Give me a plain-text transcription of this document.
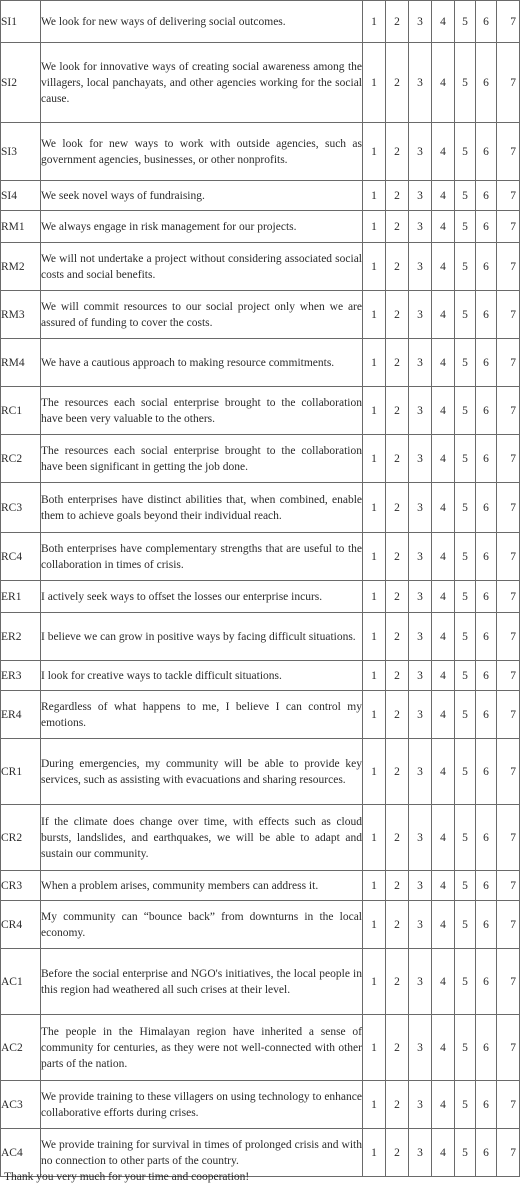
SI1	We look for new ways of delivering social outcomes.	1	2	3	4	5	6	7
SI2	We look for innovative ways of creating social awareness among the villagers, local panchayats, and other agencies working for the social cause.	1	2	3	4	5	6	7
SI3	We look for new ways to work with outside agencies, such as government agencies, businesses, or other nonprofits.	1	2	3	4	5	6	7
SI4	We seek novel ways of fundraising.	1	2	3	4	5	6	7
RM1	We always engage in risk management for our projects.	1	2	3	4	5	6	7
RM2	We will not undertake a project without considering associated social costs and social benefits.	1	2	3	4	5	6	7
RM3	We will commit resources to our social project only when we are assured of funding to cover the costs.	1	2	3	4	5	6	7
RM4	We have a cautious approach to making resource commitments.	1	2	3	4	5	6	7
RC1	The resources each social enterprise brought to the collaboration have been very valuable to the others.	1	2	3	4	5	6	7
RC2	The resources each social enterprise brought to the collaboration have been significant in getting the job done.	1	2	3	4	5	6	7
RC3	Both enterprises have distinct abilities that, when combined, enable them to achieve goals beyond their individual reach.	1	2	3	4	5	6	7
RC4	Both enterprises have complementary strengths that are useful to the collaboration in times of crisis.	1	2	3	4	5	6	7
ER1	I actively seek ways to offset the losses our enterprise incurs.	1	2	3	4	5	6	7
ER2	I believe we can grow in positive ways by facing difficult situations.	1	2	3	4	5	6	7
ER3	I look for creative ways to tackle difficult situations.	1	2	3	4	5	6	7
ER4	Regardless of what happens to me, I believe I can control my emotions.	1	2	3	4	5	6	7
CR1	During emergencies, my community will be able to provide key services, such as assisting with evacuations and sharing resources.	1	2	3	4	5	6	7
CR2	If the climate does change over time, with effects such as cloud bursts, landslides, and earthquakes, we will be able to adapt and sustain our community.	1	2	3	4	5	6	7
CR3	When a problem arises, community members can address it.	1	2	3	4	5	6	7
CR4	My community can “bounce back” from downturns in the local economy.	1	2	3	4	5	6	7
AC1	Before the social enterprise and NGO's initiatives, the local people in this region had weathered all such crises at their level.	1	2	3	4	5	6	7
AC2	The people in the Himalayan region have inherited a sense of community for centuries, as they were not well-connected with other parts of the nation.	1	2	3	4	5	6	7
AC3	We provide training to these villagers on using technology to enhance collaborative efforts during crises.	1	2	3	4	5	6	7
AC4	We provide training for survival in times of prolonged crisis and with no connection to other parts of the country.	1	2	3	4	5	6	7
Thank you very much for your time and cooperation!
